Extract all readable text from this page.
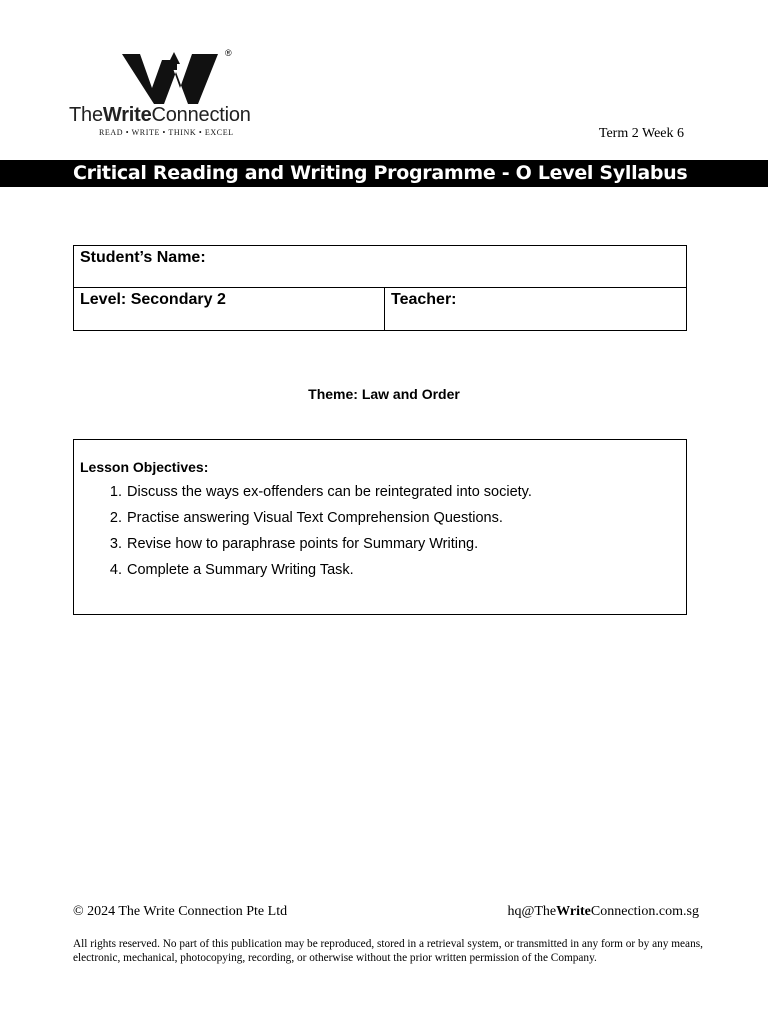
®
TheWriteConnection
READ • WRITE • THINK • EXCEL	Term 2 Week 6
Critical Reading and Writing Programme - O Level Syllabus
Student’s Name:
Level: Secondary 2	Teacher:
Theme: Law and Order
Lesson Objectives:
1. Discuss the ways ex-offenders can be reintegrated into society.
2. Practise answering Visual Text Comprehension Questions.
3. Revise how to paraphrase points for Summary Writing.
4. Complete a Summary Writing Task.
© 2024 The Write Connection Pte Ltd	hq@TheWriteConnection.com.sg
All rights reserved. No part of this publication may be reproduced, stored in a retrieval system, or transmitted in any form or by any means, electronic, mechanical, photocopying, recording, or otherwise without the prior written permission of the Company.
